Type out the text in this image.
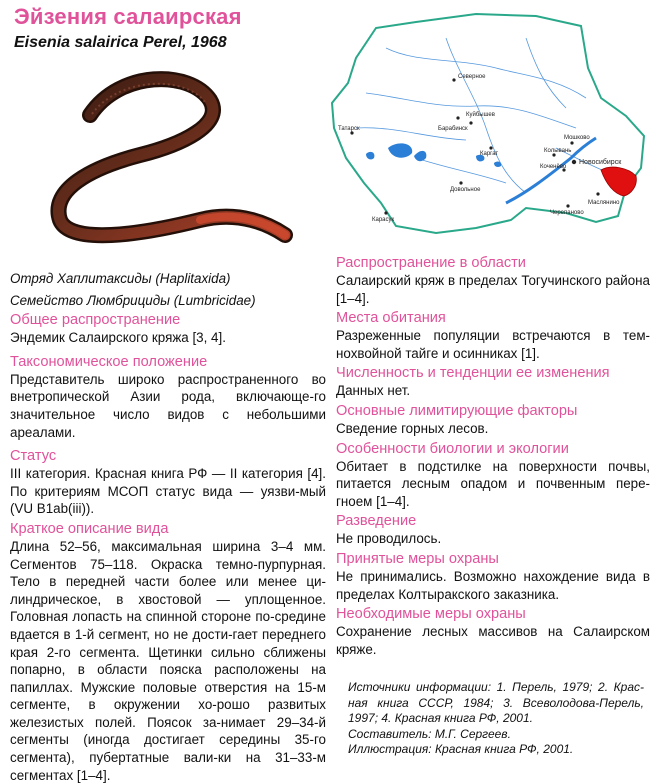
Эйзения салаирская
Eisenia salairica Perel, 1968
Северное
Татарск	Барабинск
Куйбышев
Каргат
Довольное
Карасук
Мошково
Колывань
Новосибирск
Коченёво
Черепаново
Маслянино

Отряд Хаплитаксиды (Haplitaxida)

Семейство Люмбрициды (Lumbricidae)

Общее распространение

Эндемик Салаирского кряжа [3, 4].

Таксономическое положение

Представитель широко распространенного во внетропической Азии рода, включающе-го значительное число видов с небольшими ареалами.

Статус

III категория. Красная книга РФ — II категория [4]. По критериям МСОП статус вида — уязви-мый (VU B1ab(iii)).

Краткое описание вида

Длина 52–56, максимальная ширина 3–4 мм. Сегментов 75–118. Окраска темно-пурпурная. Тело в передней части более или менее ци-линдрическое, в хвостовой — уплощенное. Головная лопасть на спинной стороне по-средине вдается в 1-й сегмент, но не дости-гает переднего края 2-го сегмента. Щетинки сильно сближены попарно, в области пояска расположены на папиллах. Мужские половые отверстия на 15-м сегменте, в окружении хо-рошо развитых железистых полей. Поясок за-нимает 29–34-й сегменты (иногда достигает середины 35-го сегмента), пубертатные вали-ки на 31–33-м сегментах [1–4].

Распространение в области

Салаирский кряж в пределах Тогучинского района [1–4].

Места обитания

Разреженные популяции встречаются в тем-нохвойной тайге и осинниках [1].

Численность и тенденции ее изменения

Данных нет.

Основные лимитирующие факторы

Сведение горных лесов.

Особенности биологии и экологии

Обитает в подстилке на поверхности почвы, питается лесным опадом и почвенным пере-гноем [1–4].

Разведение

Не проводилось.

Принятые меры охраны

Не принимались. Возможно нахождение вида в пределах Колтыракского заказника.

Необходимые меры охраны

Сохранение лесных массивов на Салаирском кряже.

Источники информации: 1. Перель, 1979; 2. Крас-ная книга СССР, 1984; 3. Всеволодова-Перель, 1997; 4. Красная книга РФ, 2001.

Составитель: М.Г. Сергеев.

Иллюстрация: Красная книга РФ, 2001.
